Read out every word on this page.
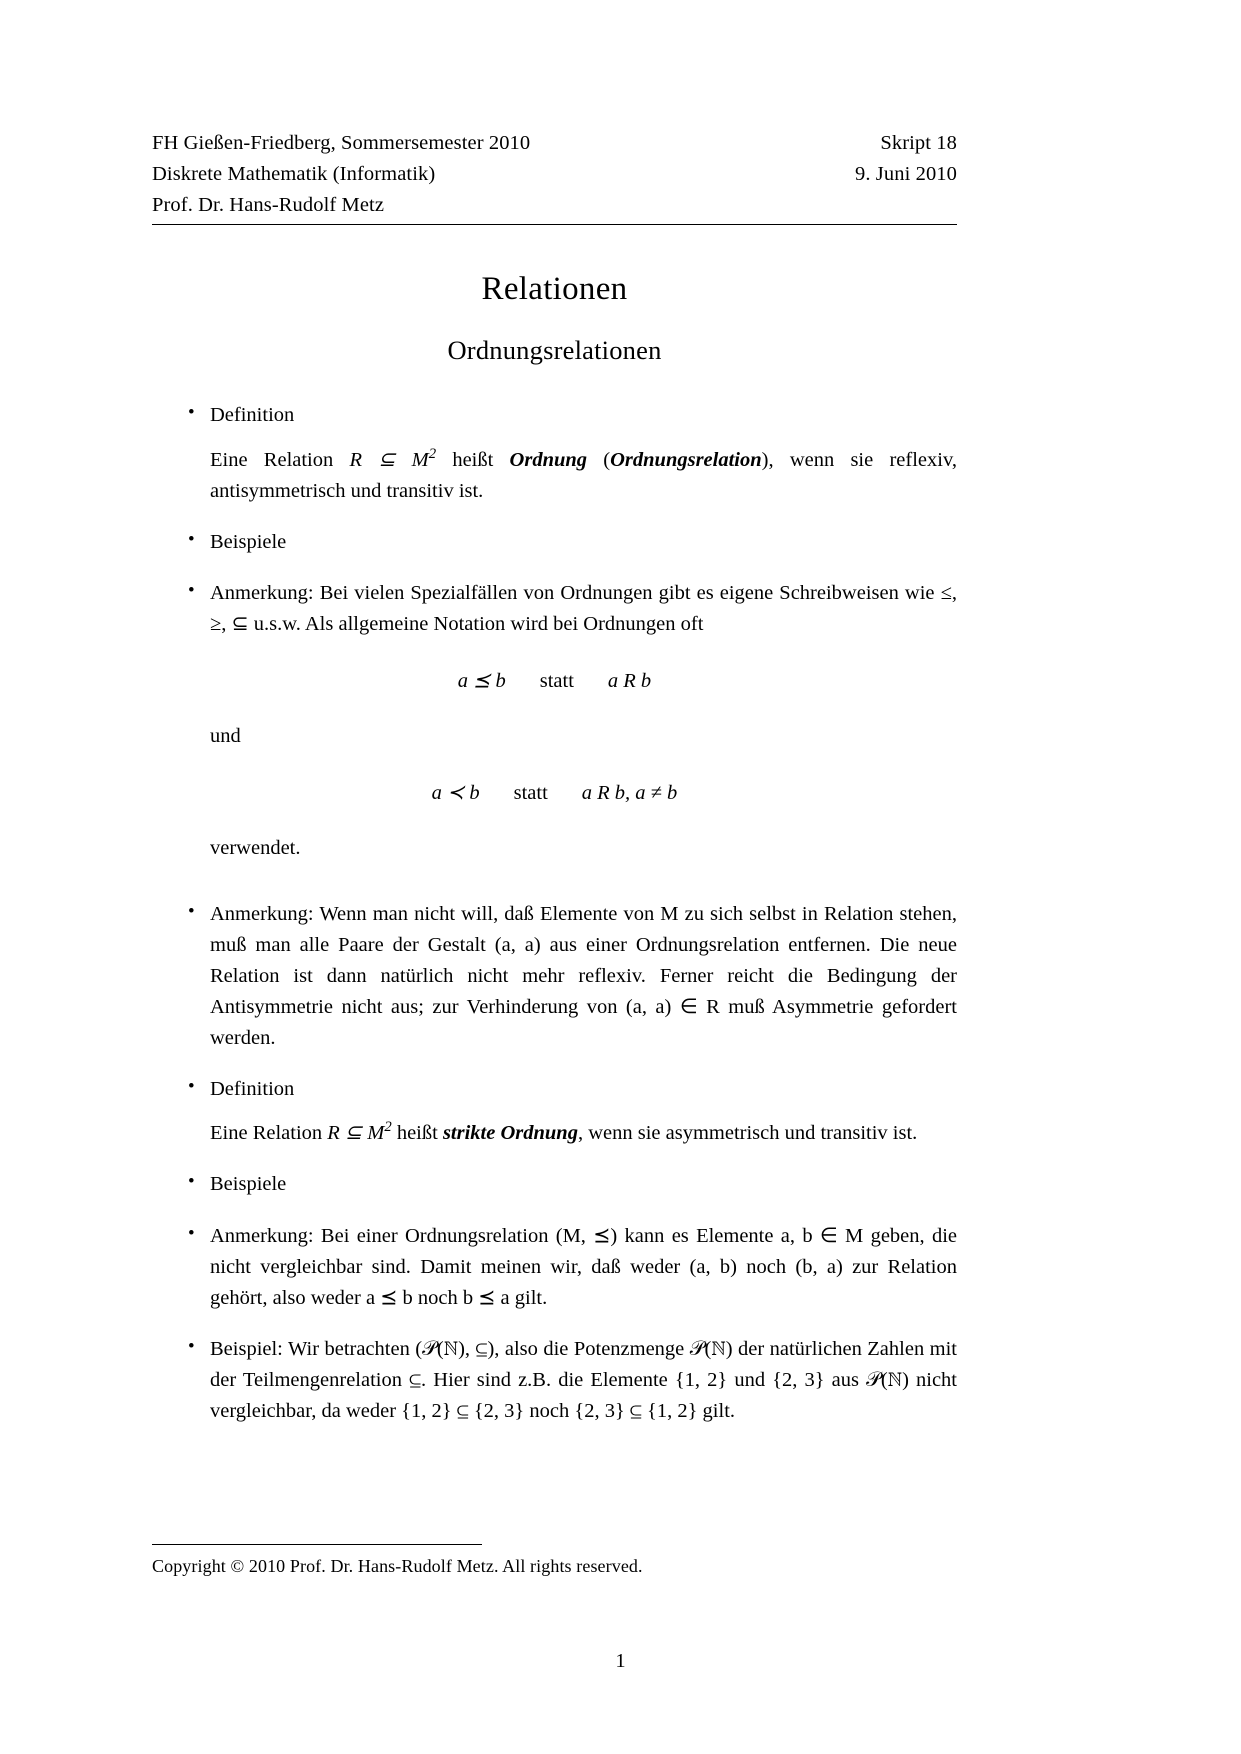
FH Gießen-Friedberg, Sommersemester 2010	Skript 18
Diskrete Mathematik (Informatik)	9. Juni 2010
Prof. Dr. Hans-Rudolf Metz
Relationen
Ordnungsrelationen
• Definition
Eine Relation R ⊆ $M^2$ heißt Ordnung (Ordnungsrelation), wenn sie reflexiv, antisymmetrisch und transitiv ist.
• Beispiele
• Anmerkung: Bei vielen Spezialfällen von Ordnungen gibt es eigene Schreibweisen wie ≤, ≥, ⊆ u.s.w. Als allgemeine Notation wird bei Ordnungen oft
a ⪯ b statt a R b
und
a ≺ b statt a R b, a ≠ b
verwendet.
• Anmerkung: Wenn man nicht will, daß Elemente von M zu sich selbst in Relation stehen, muß man alle Paare der Gestalt (a, a) aus einer Ordnungsrelation entfernen. Die neue Relation ist dann natürlich nicht mehr reflexiv. Ferner reicht die Bedingung der Antisymmetrie nicht aus; zur Verhinderung von (a, a) ∈ R muß Asymmetrie gefordert werden.
• Definition
Eine Relation R ⊆ $M^2$ heißt strikte Ordnung, wenn sie asymmetrisch und transitiv ist.
• Beispiele
• Anmerkung: Bei einer Ordnungsrelation (M, ⪯) kann es Elemente a, b ∈ M geben, die nicht vergleichbar sind. Damit meinen wir, daß weder (a, b) noch (b, a) zur Relation gehört, also weder a ⪯ b noch b ⪯ a gilt.
• Beispiel: Wir betrachten (𝒫(ℕ), ⊆), also die Potenzmenge 𝒫(ℕ) der natürlichen Zahlen mit der Teilmengenrelation ⊆. Hier sind z.B. die Elemente {1, 2} und {2, 3} aus 𝒫(ℕ) nicht vergleichbar, da weder {1, 2} ⊆ {2, 3} noch {2, 3} ⊆ {1, 2} gilt.
Copyright © 2010 Prof. Dr. Hans-Rudolf Metz. All rights reserved.
1
